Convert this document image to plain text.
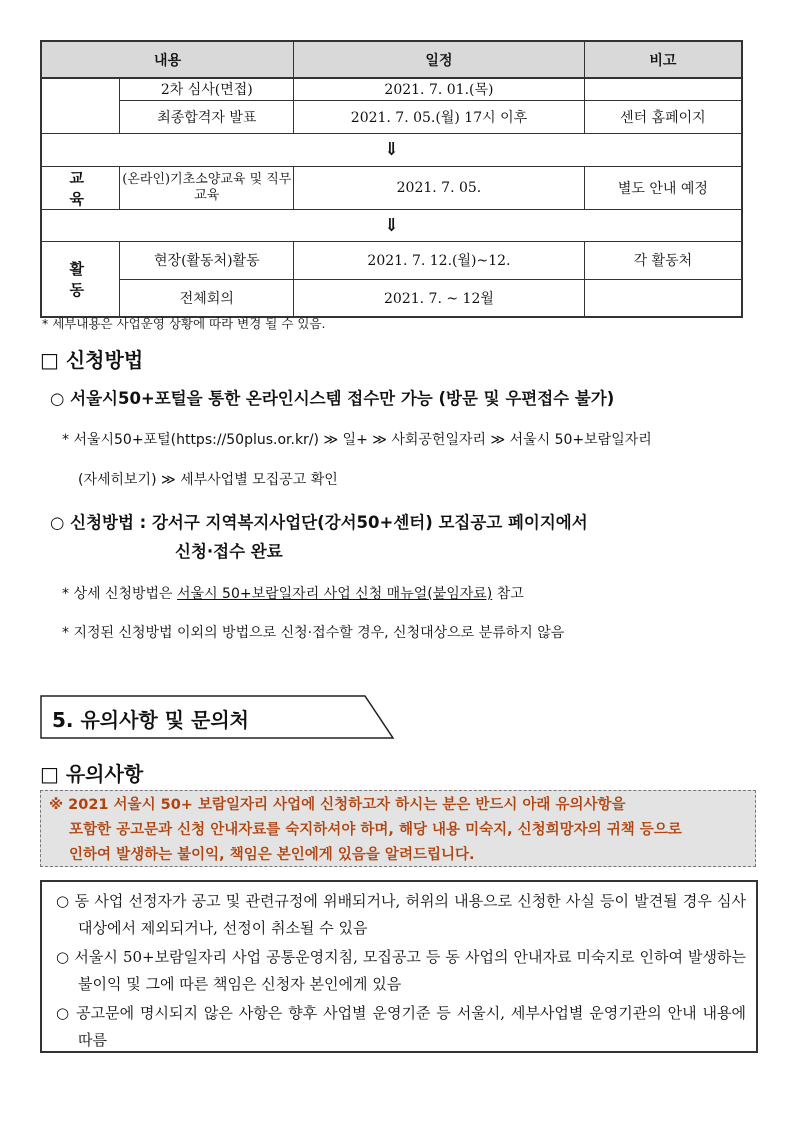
내용		일정	비고
	2차 심사(면접)	2021. 7. 01.(목)	
	최종합격자 발표	2021. 7. 05.(월) 17시 이후	센터 홈페이지
⇓			
교육	(온라인)기초소양교육 및 직무교육	2021. 7. 05.	별도 안내 예정
⇓			
활동	현장(활동처)활동	2021. 7. 12.(월)~12.	각 활동처
	전체회의	2021. 7. ~ 12월	
* 세부내용은 사업운영 상황에 따라 변경 될 수 있음.
□ 신청방법
○ 서울시50+포털을 통한 온라인시스템 접수만 가능 (방문 및 우편접수 불가)
* 서울시50+포털(https://50plus.or.kr/) ≫ 일+ ≫ 사회공헌일자리 ≫ 서울시 50+보람일자리
(자세히보기) ≫ 세부사업별 모집공고 확인
○ 신청방법 : 강서구 지역복지사업단(강서50+센터) 모집공고 페이지에서
신청·접수 완료
* 상세 신청방법은 서울시 50+보람일자리 사업 신청 매뉴얼(붙임자료) 참고
* 지정된 신청방법 이외의 방법으로 신청·접수할 경우, 신청대상으로 분류하지 않음
5. 유의사항 및 문의처
□ 유의사항
※ 2021 서울시 50+ 보람일자리 사업에 신청하고자 하시는 분은 반드시 아래 유의사항을
포함한 공고문과 신청 안내자료를 숙지하셔야 하며, 해당 내용 미숙지, 신청희망자의 귀책 등으로
인하여 발생하는 불이익, 책임은 본인에게 있음을 알려드립니다.
○ 동 사업 선정자가 공고 및 관련규정에 위배되거나, 허위의 내용으로 신청한 사실 등이 발견될 경우 심사대상에서 제외되거나, 선정이 취소될 수 있음
○ 서울시 50+보람일자리 사업 공통운영지침, 모집공고 등 동 사업의 안내자료 미숙지로 인하여 발생하는 불이익 및 그에 따른 책임은 신청자 본인에게 있음
○ 공고문에 명시되지 않은 사항은 향후 사업별 운영기준 등 서울시, 세부사업별 운영기관의 안내 내용에 따름
